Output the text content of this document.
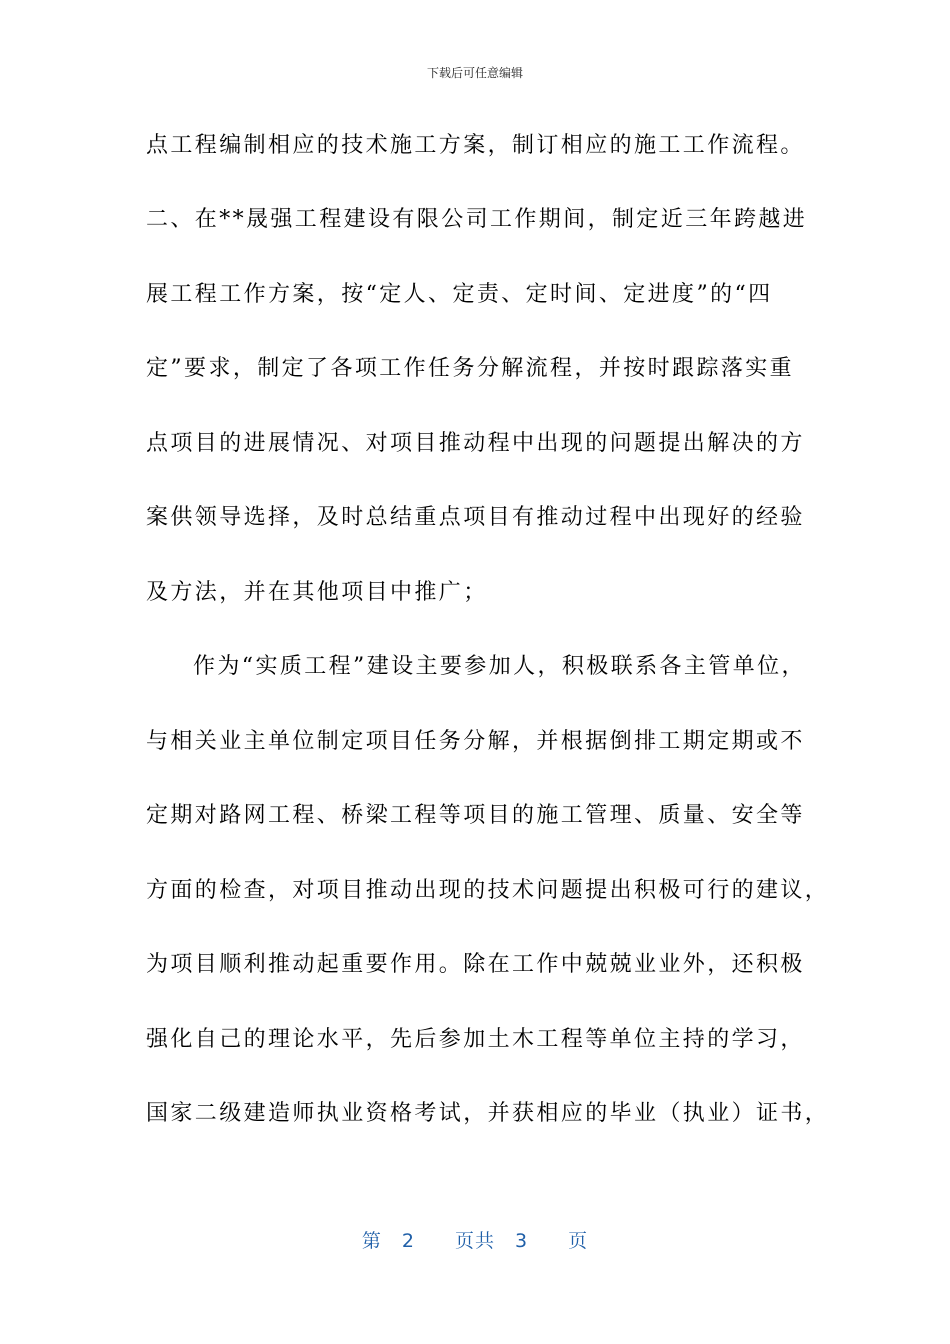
下载后可任意编辑
点工程编制相应的技术施工方案，制订相应的施工工作流程。
二、在**晟强工程建设有限公司工作期间，制定近三年跨越进
展工程工作方案，按“定人、定责、定时间、定进度”的“四
定”要求，制定了各项工作任务分解流程，并按时跟踪落实重
点项目的进展情况、对项目推动程中出现的问题提出解决的方
案供领导选择，及时总结重点项目有推动过程中出现好的经验
及方法，并在其他项目中推广；
作为“实质工程”建设主要参加人，积极联系各主管单位，
与相关业主单位制定项目任务分解，并根据倒排工期定期或不
定期对路网工程、桥梁工程等项目的施工管理、质量、安全等
方面的检查，对项目推动出现的技术问题提出积极可行的建议，
为项目顺利推动起重要作用。除在工作中兢兢业业外，还积极
强化自己的理论水平，先后参加土木工程等单位主持的学习，
国家二级建造师执业资格考试，并获相应的毕业（执业）证书，
第 2 页共 3 页
